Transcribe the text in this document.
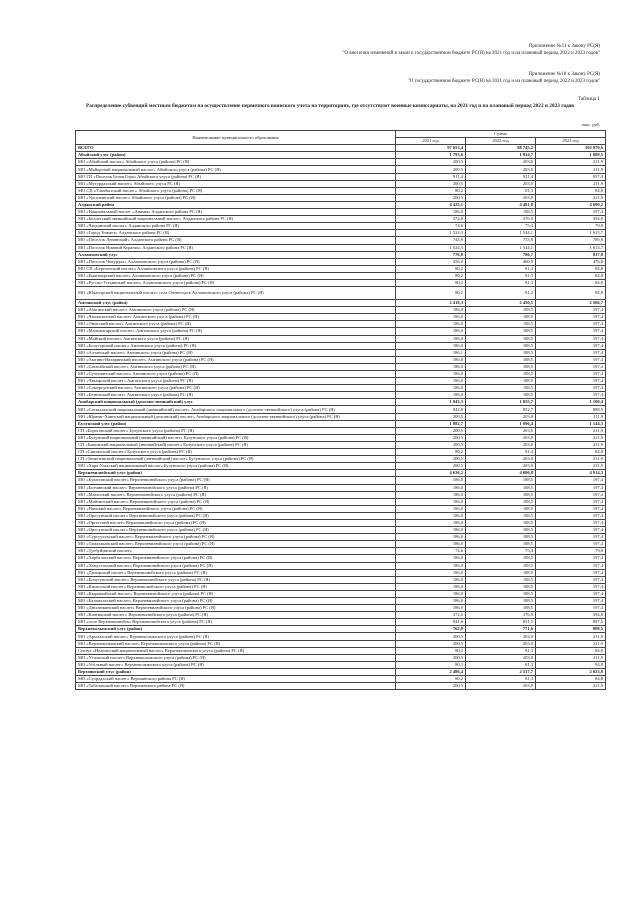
Приложение №11 к Закону РС(Я)
"О внесении изменений в закон о государственном бюджете РС(Я) на 2021 год и на плановый период 2022 и 2023 годов"
Приложение №18 к Закону РС(Я)
"О государственном бюджете РС(Я) на 2021 год и на плановый период 2022 и 2023 годов"
Таблица 1
Распределение субвенций местным бюджетам на осуществление первичного воинского учета на территориях, где отсутствуют военные комиссариаты, на 2021 год и на плановый период 2022 и 2023 годов
тыс. руб.
Наименование муниципального образования	Сумма		
	2021 год	2022 год	2023 год
ВСЕГО	97 653,4	98 745,2	102 970,6
Абыйский улус (район)	1 793,6	1 814,7	1 889,5
МО «Абыйский наслег» Абыйского улуса (района) РС (Я)	200,5	203,0	211,9
МО «Майорский национальный наслег» Абыйского улуса (района) РС (Я)	200,5	203,0	211,9
МО ГП «Поселок Белая Гора» Абыйского улуса (района) РС (Я)	911,4	921,4	957,4
МО «Мугурдахский наслег» Абыйского улуса РС (Я)	200,5	203,0	211,9
МО СП «Улахбытский наслег» Абыйского улуса (района) РС (Я)	80,2	81,3	84,8
МО «Урсалынский наслег» Абыйского улуса (района) РС (Я)	200,5	203,0	211,9
Алданский район	4 425,1	4 481,8	4 690,2
МО «Национальный наслег «Анамы» Алданского района РС (Я)	186,0	188,5	197,4
МО «Беллетский эвенкийский национальный наслег» Алданского района РС (Я)	372,0	376,9	394,8
МО «Чагдинский наслег» Алданского района РС (Я)	74,6	75,4	79,0
МО «Город Томмот» Алданского района РС (Я)	1 524,3	1 544,1	1 615,7
МО «Поселок Ленинский» Алданского района РС (Я)	743,9	753,8	789,6
МО «Поселок Нижний Куранах» Алданского района РС (Я)	1 524,3	1 544,1	1 615,7
Аллаиховский улус	776,8	786,7	817,8
МО «Поселок Чокурдах» Аллаиховского улуса (района) РС (Я)	456,0	460,9	476,8
МО СП «Берелехский наслег» Аллаиховского улуса (района) РС (Я)	80,2	81,3	84,8
МО «Быягнырский наслег» Аллаиховского улуса (района) РС (Я)	80,2	81,3	84,8
МО «Русско-Устьинский наслег» Аллаиховского улуса (района) РС (Я)	80,2	81,3	84,8
МО «Юкагирский национальный наслег» села Оленегорск Аллаиховского улуса (района) РС (Я)	80,2	81,2	84,8
Амгинский улус (район)	2 418,3	2 450,5	2 566,7
МО «Абагинский наслег» Амгинского улуса (района) РС (Я)	186,0	188,5	197,4
МО «Чапчагинский наслег» Амгинского улуса (района) РС (Я)	186,0	188,5	197,4
МО «Эмисский наслег» Амгинского улуса (района) РС (Я)	186,0	188,5	197,4
МО «Мальжагарский наслег» Амгинского улуса (района) РС (Я)	186,0	188,5	197,4
МО «Майский наслег» Амгинского улуса (района) РС (Я)	186,0	188,5	197,4
МО «Болугурский наслег» Амгинского улуса (района) РС (Я)	186,0	188,5	197,4
МО «Алтанский наслег» Амгинского улуса (района) РС (Я)	186,1	188,5	197,4
МО «Амгино-Нахаринский наслег» Амгинского улуса (района) РС (Я)	186,0	188,5	197,4
МО «Сатагайский наслег» Амгинского улуса (района) РС (Я)	186,0	188,5	197,4
МО «Сулгачинский наслег» Амгинского улуса (района) РС (Я)	186,0	188,5	197,4
МО «Чакырский наслег» Амгинского улуса (района) РС (Я)	186,0	188,5	197,4
МО «Соморсунский наслег» Амгинского улуса (района) РС (Я)	186,0	188,5	197,4
МО «Бетюнский наслег» Амгинского улуса (района) РС (Я)	186,0	188,5	197,4
Анабарский национальный (долгано-эвенкийский) улус	1 043,3	1 055,7	1 100,4
МО «Саскылахский национальный (эвенкийский) наслег» Анабарского национального (долгано-эвенкийского) улуса (района) РС (Я)	842,8	852,7	888,5
МО «Юрюнг-Хаинский национальный (долганский) наслег» Анабарского национального (долгано-эвенкийского) улуса (района) РС (Я)	200,5	203,0	211,9
Булунский улус (район)	1 082,7	1 096,4	1 144,3
СП «Борогонский наслег» Булунского улуса (района) РС (Я)	200,5	203,0	211,9
МО «Булунский национальный (эвенкийский) наслег» Булунского улуса (района) РС (Я)	200,5	203,0	211,9
СП «Быковский национальный (эвенкийский) наслег» Булунского улуса (района) РС (Я)	200,5	203,0	211,9
СП «Сиктяхский наслег» Булунского улуса (района) РС (Я)	80,2	81,4	84,8
СП «Тюметинский национальный (эвенкийский) наслег» Булунского улуса (района) РС (Я)	200,5	203,0	211,9
МО «Хара-Улахский национальный наслег» Булунского улуса (района) РС (Я)	200,5	203,0	211,9
Верхневилюйский улус (район)	4 636,2	4 696,8	4 914,3
МО «Булагинский наслег» Верхневилюйского улуса (района) РС (Я)	186,0	188,5	197,4
МО «Ботчинский наслег» Верхневилюйского улуса (района) РС (Я)	186,0	188,5	197,4
МО «Магасский наслег» Верхневилюйского улуса (района) РС (Я)	186,0	188,5	197,4
МО «Мэйтинский наслег» Верхневилюйского улуса (района) РС (Я)	186,0	188,5	197,4
МО «Намский наслег» Верхневилюйского улуса (района) РС (Я)	186,0	188,5	197,4
МО «Оросунский наслег» Верхневилюйского улуса (района) РС (Я)	186,0	188,5	197,4
МО «Оргетский наслег» Верхневилюйского улуса (района) РС (Я)	186,0	188,5	197,4
МО «Оросунский наслег» Верхневилюйского улуса (района) РС (Я)	186,0	188,5	197,4
МО «Сургуулукский наслег» Верхневилюйского улуса (района) РС (Я)	186,0	188,5	197,4
МО «Тамалаканский наслег» Верхневилюйского улуса (района) РС (Я)	186,0	188,5	197,4
МО «Туобуйинский наслег»	74,6	75,4	79,0
МО «Харбалахский наслег» Верхневилюйского улуса (района) РС (Я)	186,0	188,5	197,4
МО «Хомустахский наслег» Верхневилюйского улуса (района) РС (Я)	186,0	188,5	197,4
МО «Далырский наслег» Верхневилюйского улуса (района) РС (Я)	186,0	188,5	197,4
МО «Бочугунский наслег» Верхневилюйского улуса (района) РС (Я)	186,0	188,5	197,4
МО «Кюлетский наслег» Верхневилюйского улуса (района) РС (Я)	186,0	188,5	197,4
МО «Кырыкыйский наслег» Верхневилюйского улуса (района) РС (Я)	186,0	188,5	197,4
МО «Балыктахский наслег» Верхневилюйского улуса (района) РС (Я)	186,0	188,5	197,4
МО «Дюллюкинский наслег» Верхневилюйского улуса (района) РС (Я)	186,0	188,5	197,4
МО «Кэнтикский наслег» Верхневилюйского улуса (района) РС (Я)	372,0	376,9	394,8
МО «село Верхневилюйск» Верхневилюйского улуса (района) РС (Я)	841,6	851,5	887,5
Верхнеколымский улус (район)	762,0	771,6	808,5
МО «Арылахский наслег» Верхнеколымского улуса (района) РС (Я)	200,5	203,0	211,9
МО «Верхнеколымский наслег» Верхнеколымского улуса (района) РС (Я)	200,5	203,0	211,9
Суктул «Нелемнский национальный наслег» Верхнеколымского улуса (района) РС (Я)	80,2	81,3	84,8
МО «Утальский наслег» Верхнеколымского улуса (района) РС (Я)	200,5	203,0	211,9
МО «Угольный наслег» Верхнеколымского улуса (района) РС (Я)	80,3	81,3	84,8
Верхоянский улус (район)	2 486,4	2 517,7	2 623,8
МО «Суордахский наслег» Верхоянского района РС (Я)	80,2	81,3	84,8
МО «Табалахский наслег» Верхоянского района РС (Я)	200,5	203,0	211,9
